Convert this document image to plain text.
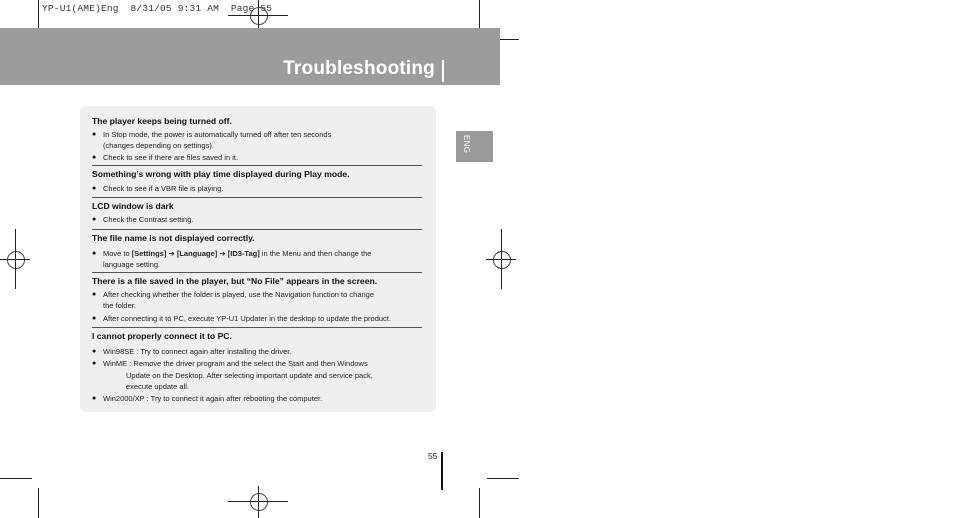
YP-U1(AME)Eng  8/31/05 9:31 AM  Page 55
Troubleshooting
ENG
The player keeps being turned off.
● In Stop mode, the power is automatically turned off after ten seconds
(changes depending on settings).
● Check to see if there are files saved in it.
Something’s wrong with play time displayed during Play mode.
● Check to see if a VBR file is playing.
LCD window is dark
● Check the Contrast setting.
The file name is not displayed correctly.
● Move to [Settings] ➔ [Language] ➔ [ID3-Tag] in the Menu and then change the
language setting.
There is a file saved in the player, but “No File” appears in the screen.
● After checking whether the folder is played, use the Navigation function to change
the folder.
● After connecting it to PC, execute YP-U1 Updater in the desktop to update the product.
I cannot properly connect it to PC.
● Win98SE : Try to connect again after installing the driver.
● WinME : Remove the driver program and the select the Start and then Windows
Update on the Desktop. After selecting important update and service pack,
execute update all.
● Win2000/XP : Try to connect it again after rebooting the computer.
55
